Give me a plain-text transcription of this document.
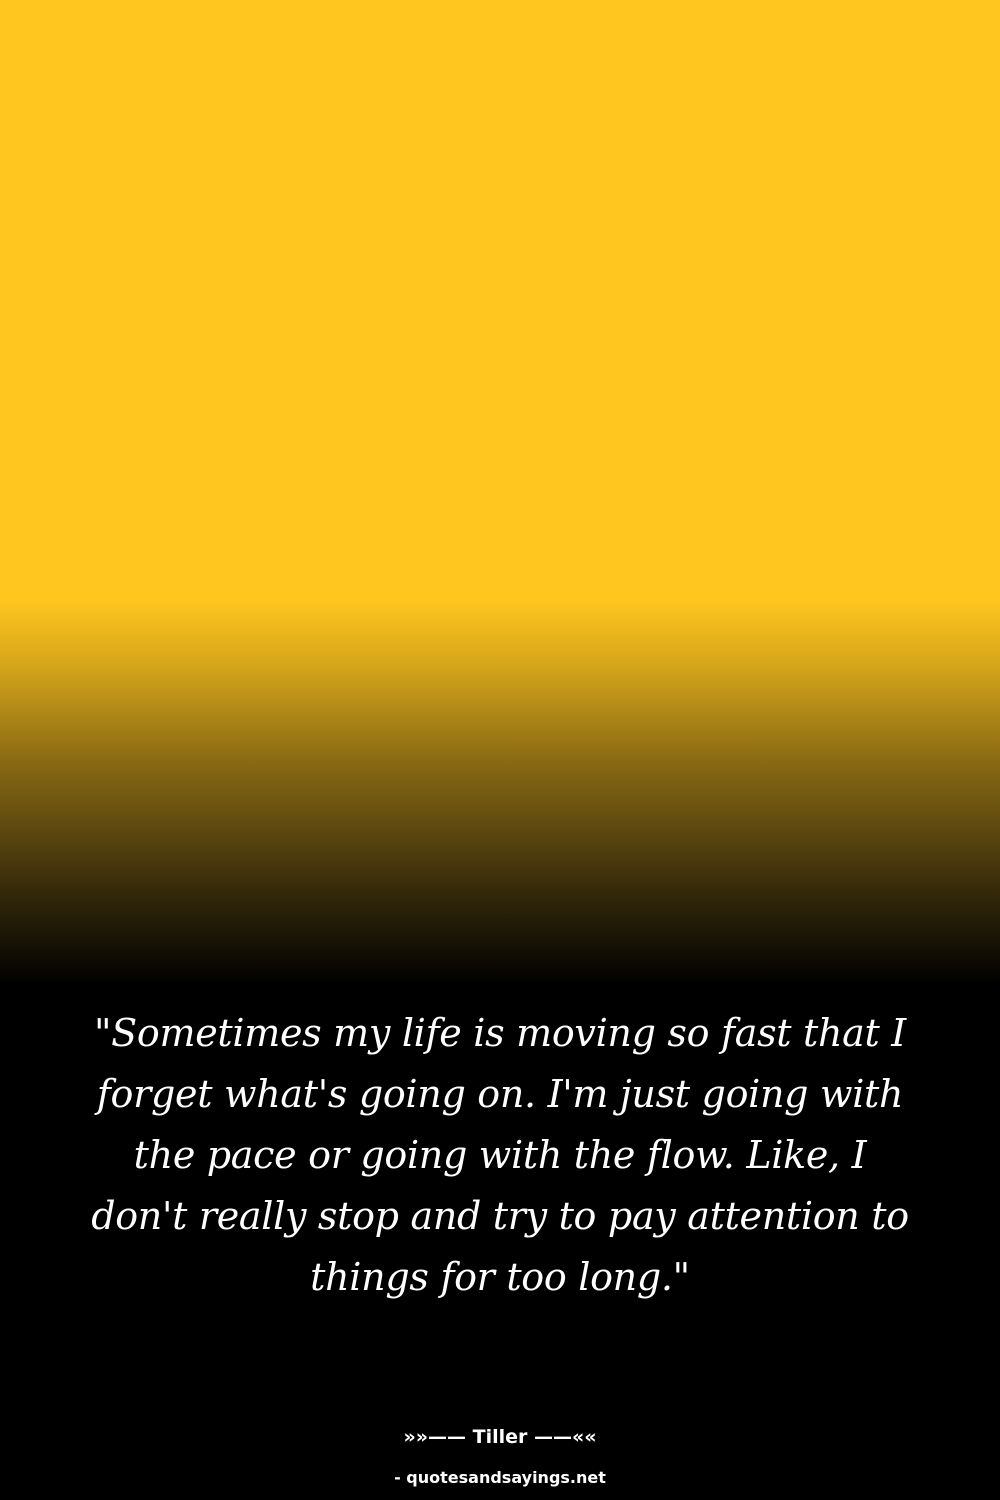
"Sometimes my life is moving so fast that I forget what's going on. I'm just going with the pace or going with the flow. Like, I don't really stop and try to pay attention to things for too long."

»»—— Tiller ——««
- quotesandsayings.net
